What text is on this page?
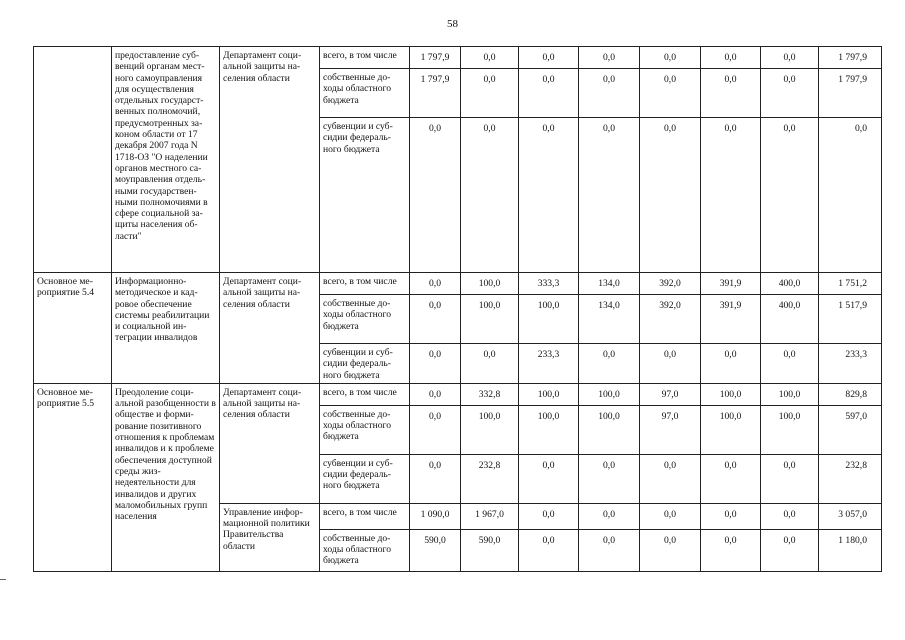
58
	предоставление субвенций органам местного самоуправления для осуществления отдельных государственных полномочий, предусмотренных законом области от 17 декабря 2007 года N 1718-ОЗ "О наделении органов местного самоуправления отдельными государственными полномочиями в сфере социальной защиты населения области"	Департамент социальной защиты населения области	всего, в том числе	1 797,9	0,0	0,0	0,0	0,0	0,0	0,0	1 797,9
			собственные доходы областного бюджета	1 797,9	0,0	0,0	0,0	0,0	0,0	0,0	1 797,9
			субвенции и субсидии федерального бюджета	0,0	0,0	0,0	0,0	0,0	0,0	0,0	0,0
Основное мероприятие 5.4	Информационно-методическое и кадровое обеспечение системы реабилитации и социальной интеграции инвалидов	Департамент социальной защиты населения области	всего, в том числе	0,0	100,0	333,3	134,0	392,0	391,9	400,0	1 751,2
			собственные доходы областного бюджета	0,0	100,0	100,0	134,0	392,0	391,9	400,0	1 517,9
			субвенции и субсидии федерального бюджета	0,0	0,0	233,3	0,0	0,0	0,0	0,0	233,3
Основное мероприятие 5.5	Преодоление социальной разобщенности в обществе и формирование позитивного отношения к проблемам инвалидов и к проблеме обеспечения доступной среды жизнедеятельности для инвалидов и других маломобильных групп населения	Департамент социальной защиты населения области	всего, в том числе	0,0	332,8	100,0	100,0	97,0	100,0	100,0	829,8
			собственные доходы областного бюджета	0,0	100,0	100,0	100,0	97,0	100,0	100,0	597,0
			субвенции и субсидии федерального бюджета	0,0	232,8	0,0	0,0	0,0	0,0	0,0	232,8
		Управление информационной политики Правительства области	всего, в том числе	1 090,0	1 967,0	0,0	0,0	0,0	0,0	0,0	3 057,0
			собственные доходы областного бюджета	590,0	590,0	0,0	0,0	0,0	0,0	0,0	1 180,0
